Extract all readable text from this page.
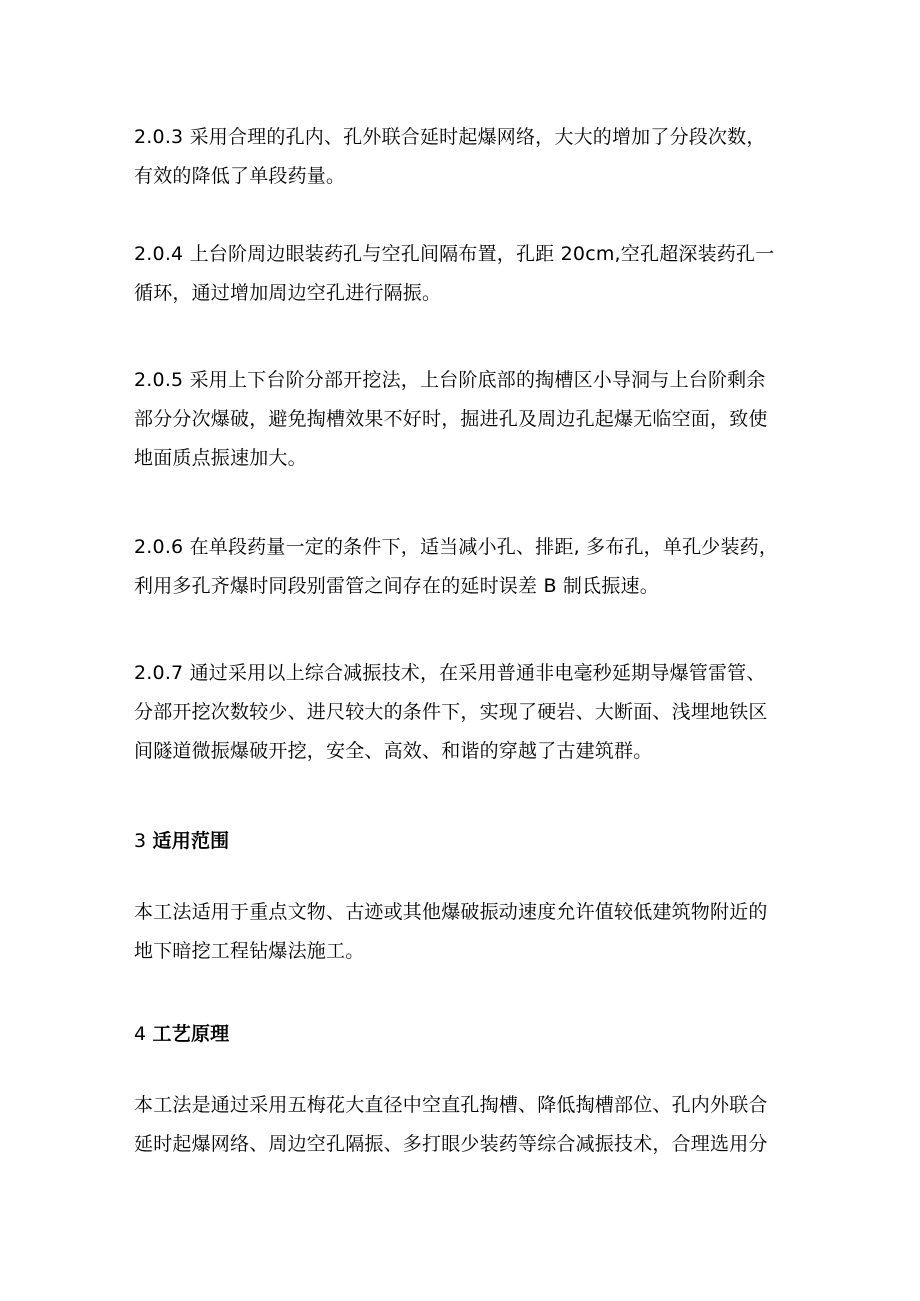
2.0.3 采用合理的孔内、孔外联合延时起爆网络，大大的增加了分段次数，
有效的降低了单段药量。

2.0.4 上台阶周边眼装药孔与空孔间隔布置，孔距 20cm,空孔超深装药孔一
循环，通过增加周边空孔进行隔振。

2.0.5 采用上下台阶分部开挖法，上台阶底部的掏槽区小导洞与上台阶剩余
部分分次爆破，避免掏槽效果不好时，掘进孔及周边孔起爆无临空面，致使
地面质点振速加大。

2.0.6 在单段药量一定的条件下，适当减小孔、排距, 多布孔，单孔少装药，
利用多孔齐爆时同段别雷管之间存在的延时误差 B 制氐振速。

2.0.7 通过采用以上综合减振技术，在采用普通非电毫秒延期导爆管雷管、
分部开挖次数较少、进尺较大的条件下，实现了硬岩、大断面、浅埋地铁区
间隧道微振爆破开挖，安全、高效、和谐的穿越了古建筑群。

3 适用范围

本工法适用于重点文物、古迹或其他爆破振动速度允许值较低建筑物附近的
地下暗挖工程钻爆法施工。

4 工艺原理

本工法是通过采用五梅花大直径中空直孔掏槽、降低掏槽部位、孔内外联合
延时起爆网络、周边空孔隔振、多打眼少装药等综合减振技术，合理选用分
